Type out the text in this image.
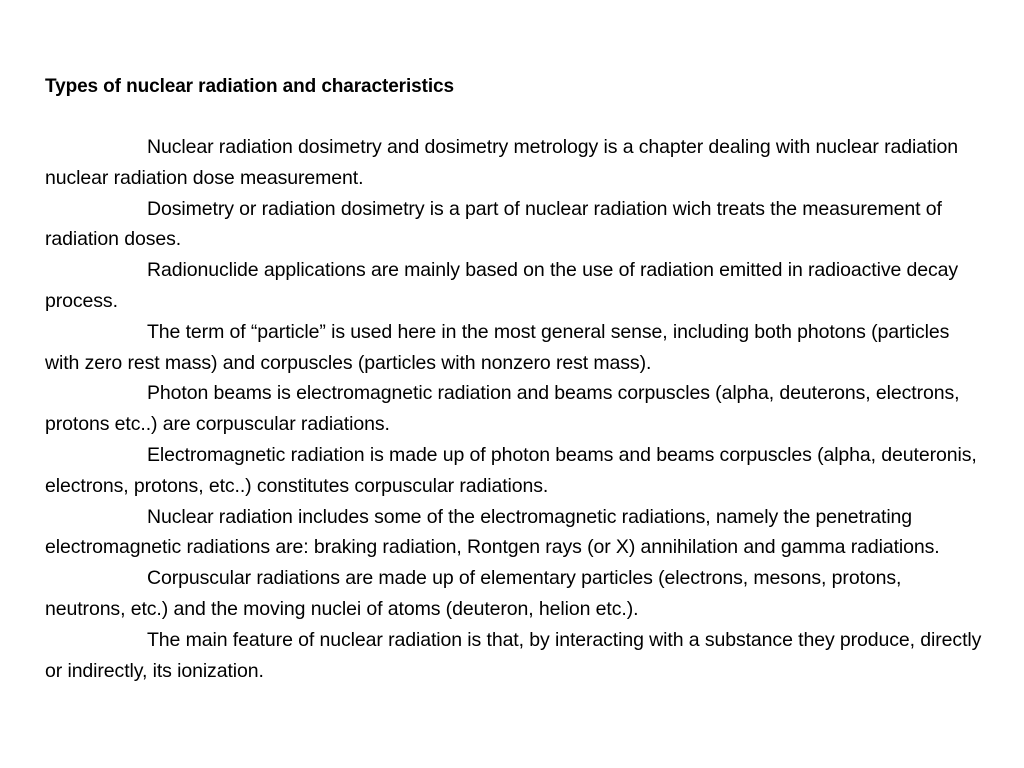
Types of nuclear radiation and characteristics

Nuclear radiation dosimetry and dosimetry metrology is a chapter dealing with nuclear radiation nuclear radiation dose measurement.

Dosimetry or radiation dosimetry is a part of nuclear radiation wich treats the measurement of radiation doses.

Radionuclide applications are mainly based on the use of radiation emitted in radioactive decay process.

The term of “particle” is used here in the most general sense, including both photons (particles with zero rest mass) and corpuscles (particles with nonzero rest mass).

Photon beams is electromagnetic radiation and beams corpuscles (alpha, deuterons, electrons, protons etc..) are corpuscular radiations.

Electromagnetic radiation is made up of photon beams and beams corpuscles (alpha, deuteronis, electrons, protons, etc..) constitutes corpuscular radiations.

Nuclear radiation includes some of the electromagnetic radiations, namely the penetrating electromagnetic radiations are: braking radiation, Rontgen rays (or X) annihilation and gamma radiations.

Corpuscular radiations are made up of elementary particles (electrons, mesons, protons, neutrons, etc.) and the moving nuclei of atoms (deuteron, helion etc.).

The main feature of nuclear radiation is that, by interacting with a substance they produce, directly or indirectly, its ionization.
